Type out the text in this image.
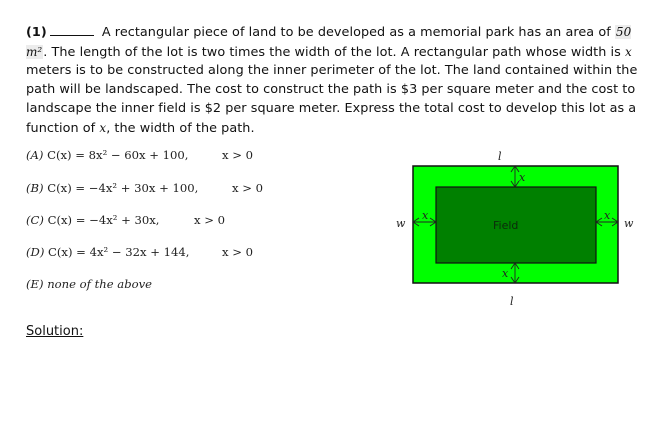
(1)	A rectangular piece of land to be developed as a memorial park has an area of 50 m². The length of the lot is two times the width of the lot. A rectangular path whose width is x meters is to be constructed along the inner perimeter of the lot. The land contained within the path will be landscaped. The cost to construct the path is $3 per square meter and the cost to landscape the inner field is $2 per square meter. Express the total cost to develop this lot as a function of x, the width of the path.
(A) C(x) = 8x² − 60x + 100,	x > 0
(B) C(x) = −4x² + 30x + 100,	x > 0
(C) C(x) = −4x² + 30x,	x > 0
(D) C(x) = 4x² − 32x + 144,	x > 0
(E) none of the above
l
l
w	w
x
x
x	x
Field
Solution:
